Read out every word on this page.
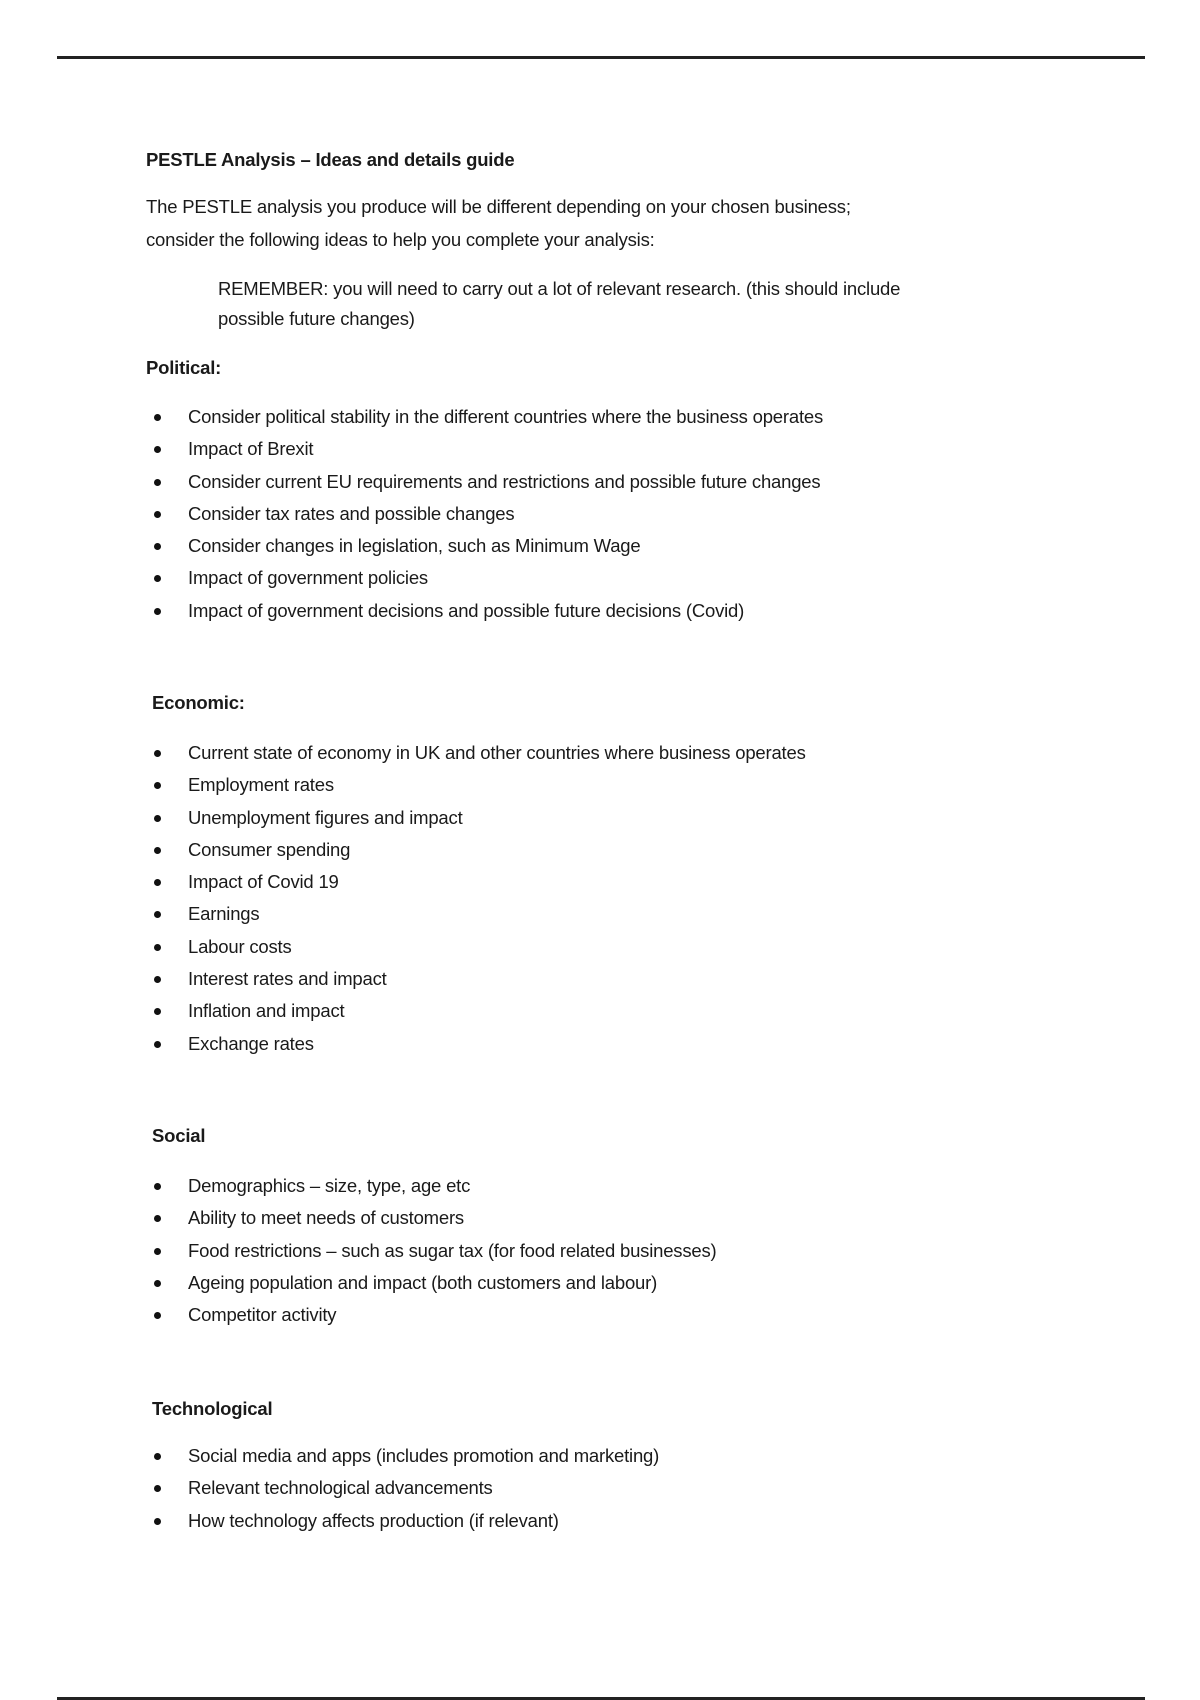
PESTLE Analysis – Ideas and details guide
The PESTLE analysis you produce will be different depending on your chosen business;
consider the following ideas to help you complete your analysis:
REMEMBER: you will need to carry out a lot of relevant research. (this should include
possible future changes)
Political:
Consider political stability in the different countries where the business operates
Impact of Brexit
Consider current EU requirements and restrictions and possible future changes
Consider tax rates and possible changes
Consider changes in legislation, such as Minimum Wage
Impact of government policies
Impact of government decisions and possible future decisions (Covid)
Economic:
Current state of economy in UK and other countries where business operates
Employment rates
Unemployment figures and impact
Consumer spending
Impact of Covid 19
Earnings
Labour costs
Interest rates and impact
Inflation and impact
Exchange rates
Social
Demographics – size, type, age etc
Ability to meet needs of customers
Food restrictions – such as sugar tax (for food related businesses)
Ageing population and impact (both customers and labour)
Competitor activity
Technological
Social media and apps (includes promotion and marketing)
Relevant technological advancements
How technology affects production (if relevant)
